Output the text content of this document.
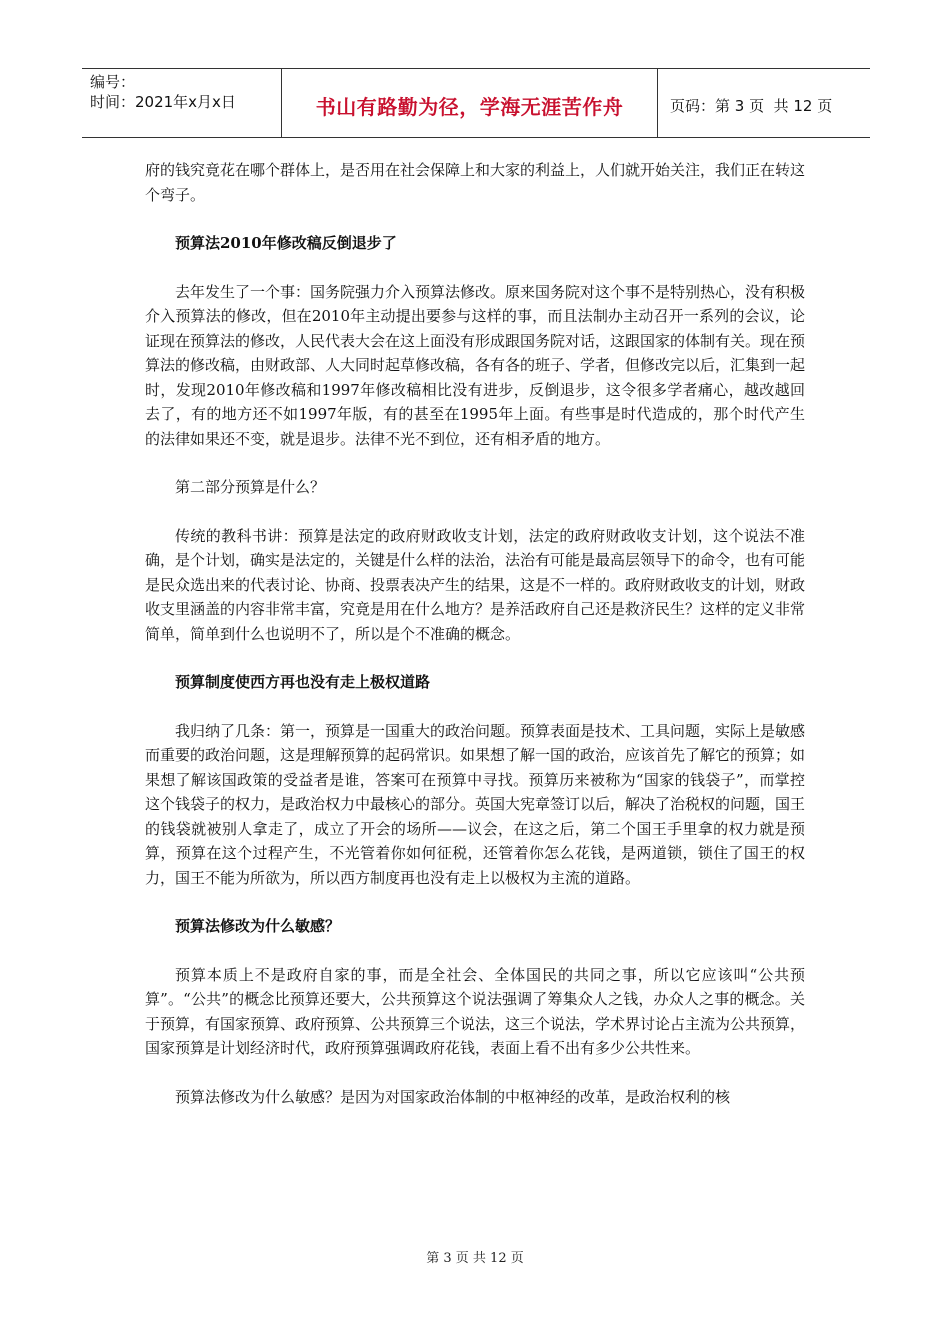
编号：
时间：2021年x月x日	书山有路勤为径，学海无涯苦作舟	页码：第 3 页  共 12 页

府的钱究竟花在哪个群体上，是否用在社会保障上和大家的利益上，人们就开始关注，我们正在转这个弯子。

预算法2010年修改稿反倒退步了

去年发生了一个事：国务院强力介入预算法修改。原来国务院对这个事不是特别热心，没有积极介入预算法的修改，但在2010年主动提出要参与这样的事，而且法制办主动召开一系列的会议，论证现在预算法的修改，人民代表大会在这上面没有形成跟国务院对话，这跟国家的体制有关。现在预算法的修改稿，由财政部、人大同时起草修改稿，各有各的班子、学者，但修改完以后，汇集到一起时，发现2010年修改稿和1997年修改稿相比没有进步，反倒退步，这令很多学者痛心，越改越回去了，有的地方还不如1997年版，有的甚至在1995年上面。有些事是时代造成的，那个时代产生的法律如果还不变，就是退步。法律不光不到位，还有相矛盾的地方。

第二部分预算是什么？

传统的教科书讲：预算是法定的政府财政收支计划，法定的政府财政收支计划，这个说法不准确，是个计划，确实是法定的，关键是什么样的法治，法治有可能是最高层领导下的命令，也有可能是民众选出来的代表讨论、协商、投票表决产生的结果，这是不一样的。政府财政收支的计划，财政收支里涵盖的内容非常丰富，究竟是用在什么地方？是养活政府自己还是救济民生？这样的定义非常简单，简单到什么也说明不了，所以是个不准确的概念。

预算制度使西方再也没有走上极权道路

我归纳了几条：第一，预算是一国重大的政治问题。预算表面是技术、工具问题，实际上是敏感而重要的政治问题，这是理解预算的起码常识。如果想了解一国的政治，应该首先了解它的预算；如果想了解该国政策的受益者是谁，答案可在预算中寻找。预算历来被称为“国家的钱袋子”，而掌控这个钱袋子的权力，是政治权力中最核心的部分。英国大宪章签订以后，解决了治税权的问题，国王的钱袋就被别人拿走了，成立了开会的场所——议会，在这之后，第二个国王手里拿的权力就是预算，预算在这个过程产生，不光管着你如何征税，还管着你怎么花钱，是两道锁，锁住了国王的权力，国王不能为所欲为，所以西方制度再也没有走上以极权为主流的道路。

预算法修改为什么敏感？

预算本质上不是政府自家的事，而是全社会、全体国民的共同之事，所以它应该叫“公共预算”。“公共”的概念比预算还要大，公共预算这个说法强调了筹集众人之钱，办众人之事的概念。关于预算，有国家预算、政府预算、公共预算三个说法，这三个说法，学术界讨论占主流为公共预算，国家预算是计划经济时代，政府预算强调政府花钱，表面上看不出有多少公共性来。

预算法修改为什么敏感？是因为对国家政治体制的中枢神经的改革，是政治权利的核

第 3 页 共 12 页
